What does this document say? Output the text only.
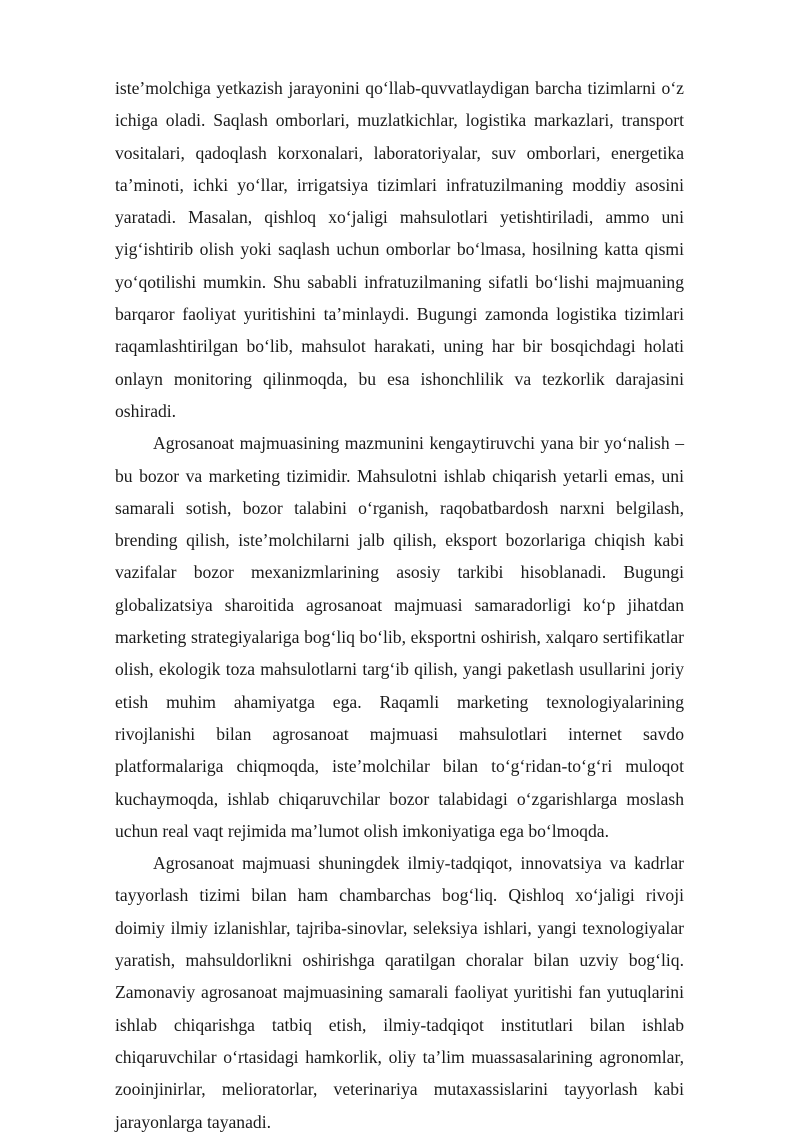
iste’molchiga yetkazish jarayonini qo‘llab-quvvatlaydigan barcha tizimlarni o‘z ichiga oladi. Saqlash omborlari, muzlatkichlar, logistika markazlari, transport vositalari, qadoqlash korxonalari, laboratoriyalar, suv omborlari, energetika ta’minoti, ichki yo‘llar, irrigatsiya tizimlari infratuzilmaning moddiy asosini yaratadi. Masalan, qishloq xo‘jaligi mahsulotlari yetishtiriladi, ammo uni yig‘ishtirib olish yoki saqlash uchun omborlar bo‘lmasa, hosilning katta qismi yo‘qotilishi mumkin. Shu sababli infratuzilmaning sifatli bo‘lishi majmuaning barqaror faoliyat yuritishini ta’minlaydi. Bugungi zamonda logistika tizimlari raqamlashtirilgan bo‘lib, mahsulot harakati, uning har bir bosqichdagi holati onlayn monitoring qilinmoqda, bu esa ishonchlilik va tezkorlik darajasini oshiradi.

Agrosanoat majmuasining mazmunini kengaytiruvchi yana bir yo‘nalish – bu bozor va marketing tizimidir. Mahsulotni ishlab chiqarish yetarli emas, uni samarali sotish, bozor talabini o‘rganish, raqobatbardosh narxni belgilash, brending qilish, iste’molchilarni jalb qilish, eksport bozorlariga chiqish kabi vazifalar bozor mexanizmlarining asosiy tarkibi hisoblanadi. Bugungi globalizatsiya sharoitida agrosanoat majmuasi samaradorligi ko‘p jihatdan marketing strategiyalariga bog‘liq bo‘lib, eksportni oshirish, xalqaro sertifikatlar olish, ekologik toza mahsulotlarni targ‘ib qilish, yangi paketlash usullarini joriy etish muhim ahamiyatga ega. Raqamli marketing texnologiyalarining rivojlanishi bilan agrosanoat majmuasi mahsulotlari internet savdo platformalariga chiqmoqda, iste’molchilar bilan to‘g‘ridan-to‘g‘ri muloqot kuchaymoqda, ishlab chiqaruvchilar bozor talabidagi o‘zgarishlarga moslash uchun real vaqt rejimida ma’lumot olish imkoniyatiga ega bo‘lmoqda.

Agrosanoat majmuasi shuningdek ilmiy-tadqiqot, innovatsiya va kadrlar tayyorlash tizimi bilan ham chambarchas bog‘liq. Qishloq xo‘jaligi rivoji doimiy ilmiy izlanishlar, tajriba-sinovlar, seleksiya ishlari, yangi texnologiyalar yaratish, mahsuldorlikni oshirishga qaratilgan choralar bilan uzviy bog‘liq. Zamonaviy agrosanoat majmuasining samarali faoliyat yuritishi fan yutuqlarini ishlab chiqarishga tatbiq etish, ilmiy-tadqiqot institutlari bilan ishlab chiqaruvchilar o‘rtasidagi hamkorlik, oliy ta’lim muassasalarining agronomlar, zooinjinirlar, melioratorlar, veterinariya mutaxassislarini tayyorlash kabi jarayonlarga tayanadi.
